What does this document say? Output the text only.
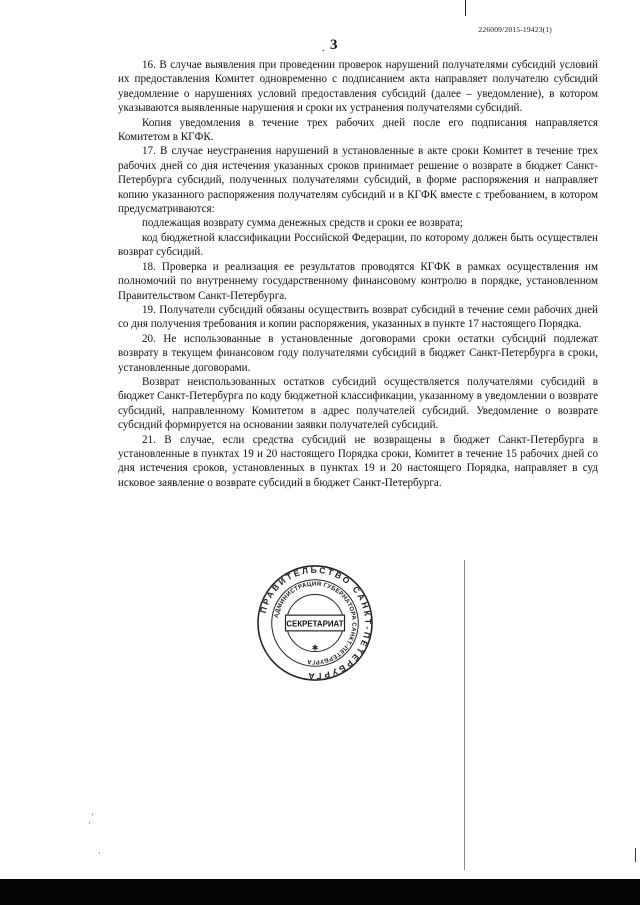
226009/2015-19423(1)
. 3

16. В случае выявления при проведении проверок нарушений получателями субсидий условий их предоставления Комитет одновременно с подписанием акта направляет получателю субсидий уведомление о нарушениях условий предоставления субсидий (далее – уведомление), в котором указываются выявленные нарушения и сроки их устранения получателями субсидий.

Копия уведомления в течение трех рабочих дней после его подписания направляется Комитетом в КГФК.

17. В случае неустранения нарушений в установленные в акте сроки Комитет в течение трех рабочих дней со дня истечения указанных сроков принимает решение о возврате в бюджет Санкт-Петербурга субсидий, полученных получателями субсидий, в форме распоряжения и направляет копию указанного распоряжения получателям субсидий и в КГФК вместе с требованием, в котором предусматриваются:

подлежащая возврату сумма денежных средств и сроки ее возврата;

код бюджетной классификации Российской Федерации, по которому должен быть осуществлен возврат субсидий.

18. Проверка и реализация ее результатов проводятся КГФК в рамках осуществления им полномочий по внутреннему государственному финансовому контролю в порядке, установленном Правительством Санкт-Петербурга.

19. Получатели субсидий обязаны осуществить возврат субсидий в течение семи рабочих дней со дня получения требования и копии распоряжения, указанных в пункте 17 настоящего Порядка.

20. Не использованные в установленные договорами сроки остатки субсидий подлежат возврату в текущем финансовом году получателями субсидий в бюджет Санкт-Петербурга в сроки, установленные договорами.

Возврат неиспользованных остатков субсидий осуществляется получателями субсидий в бюджет Санкт-Петербурга по коду бюджетной классификации, указанному в уведомлении о возврате субсидий, направленному Комитетом в адрес получателей субсидий. Уведомление о возврате субсидий формируется на основании заявки получателей субсидий.

21. В случае, если средства субсидий не возвращены в бюджет Санкт-Петербурга в установленные в пунктах 19 и 20 настоящего Порядка сроки, Комитет в течение 15 рабочих дней со дня истечения сроков, установленных в пунктах 19 и 20 настоящего Порядка, направляет в суд исковое заявление о возврате субсидий в бюджет Санкт-Петербурга.

ПРАВИТЕЛЬСТВО САНКТ-ПЕТЕРБУРГА
АДМИНИСТРАЦИЯ ГУБЕРНАТОРА САНКТ-ПЕТЕРБУРГА
СЕКРЕТАРИАТ
✱
·
'
·
